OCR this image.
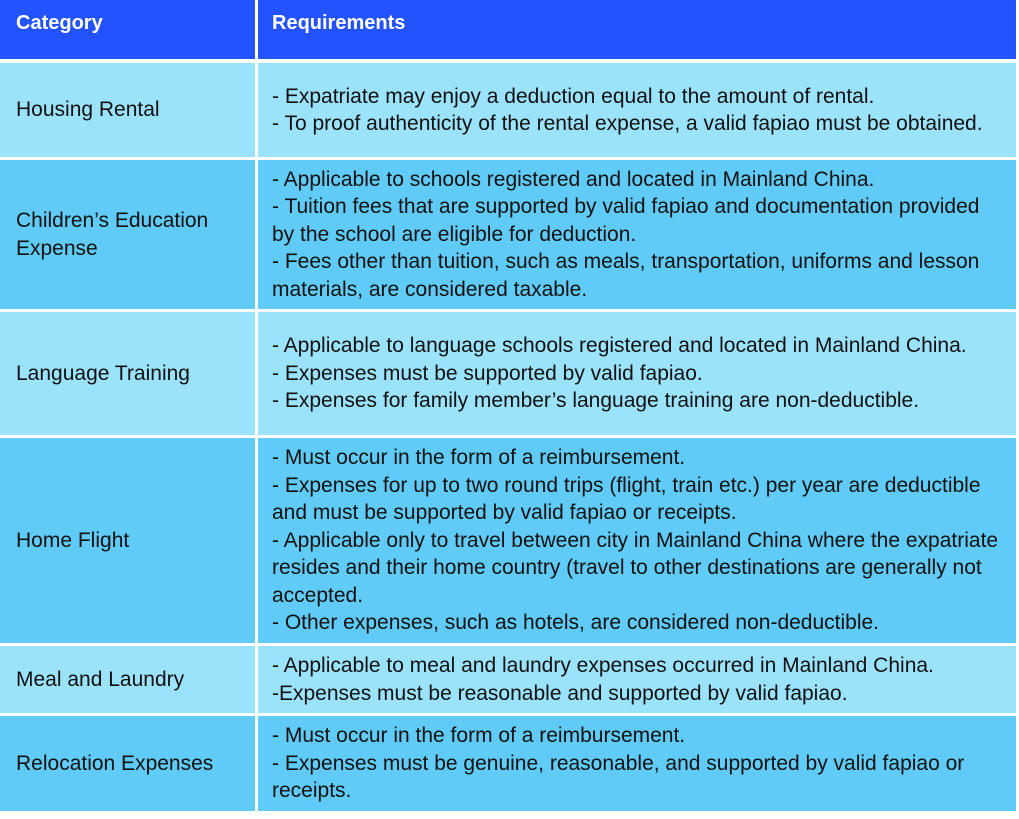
Category	Requirements
Housing Rental
- Expatriate may enjoy a deduction equal to the amount of rental.
- To proof authenticity of the rental expense, a valid fapiao must be obtained.
Children’s Education Expense
- Applicable to schools registered and located in Mainland China.
- Tuition fees that are supported by valid fapiao and documentation provided by the school are eligible for deduction.
- Fees other than tuition, such as meals, transportation, uniforms and lesson materials, are considered taxable.
Language Training
- Applicable to language schools registered and located in Mainland China.
- Expenses must be supported by valid fapiao.
- Expenses for family member’s language training are non-deductible.
Home Flight
- Must occur in the form of a reimbursement.
- Expenses for up to two round trips (flight, train etc.) per year are deductible and must be supported by valid fapiao or receipts.
- Applicable only to travel between city in Mainland China where the expatriate resides and their home country (travel to other destinations are generally not accepted.
- Other expenses, such as hotels, are considered non-deductible.
Meal and Laundry
- Applicable to meal and laundry expenses occurred in Mainland China.
-Expenses must be reasonable and supported by valid fapiao.
Relocation Expenses
- Must occur in the form of a reimbursement.
- Expenses must be genuine, reasonable, and supported by valid fapiao or receipts.
